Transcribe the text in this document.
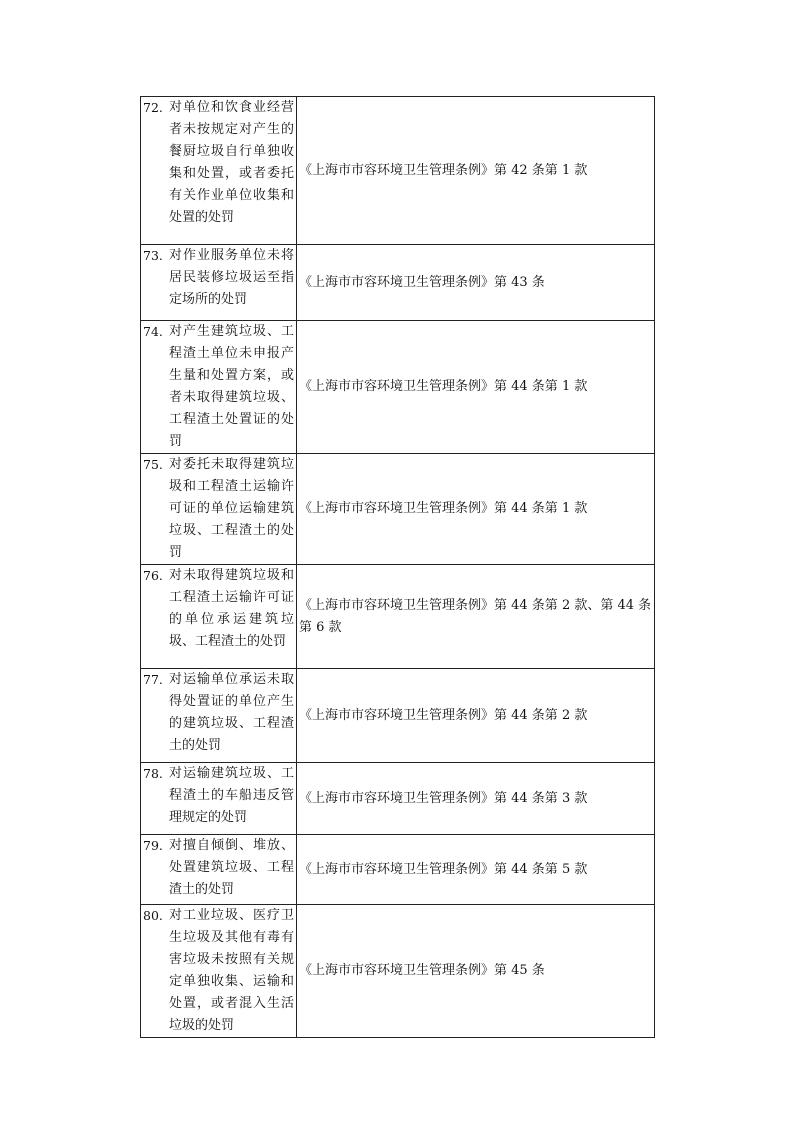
72. 对单位和饮食业经营者未按规定对产生的餐厨垃圾自行单独收集和处置，或者委托有关作业单位收集和处置的处罚	《上海市市容环境卫生管理条例》第 42 条第 1 款

73. 对作业服务单位未将居民装修垃圾运至指定场所的处罚	《上海市市容环境卫生管理条例》第 43 条

74. 对产生建筑垃圾、工程渣土单位未申报产生量和处置方案，或者未取得建筑垃圾、工程渣土处置证的处罚	《上海市市容环境卫生管理条例》第 44 条第 1 款

75. 对委托未取得建筑垃圾和工程渣土运输许可证的单位运输建筑垃圾、工程渣土的处罚	《上海市市容环境卫生管理条例》第 44 条第 1 款

76. 对未取得建筑垃圾和工程渣土运输许可证的单位承运建筑垃圾、工程渣土的处罚	《上海市市容环境卫生管理条例》第 44 条第 2 款、第 44 条第 6 款

77. 对运输单位承运未取得处置证的单位产生的建筑垃圾、工程渣土的处罚	《上海市市容环境卫生管理条例》第 44 条第 2 款

78. 对运输建筑垃圾、工程渣土的车船违反管理规定的处罚	《上海市市容环境卫生管理条例》第 44 条第 3 款

79. 对擅自倾倒、堆放、处置建筑垃圾、工程渣土的处罚	《上海市市容环境卫生管理条例》第 44 条第 5 款

80. 对工业垃圾、医疗卫生垃圾及其他有毒有害垃圾未按照有关规定单独收集、运输和处置，或者混入生活垃圾的处罚	《上海市市容环境卫生管理条例》第 45 条
